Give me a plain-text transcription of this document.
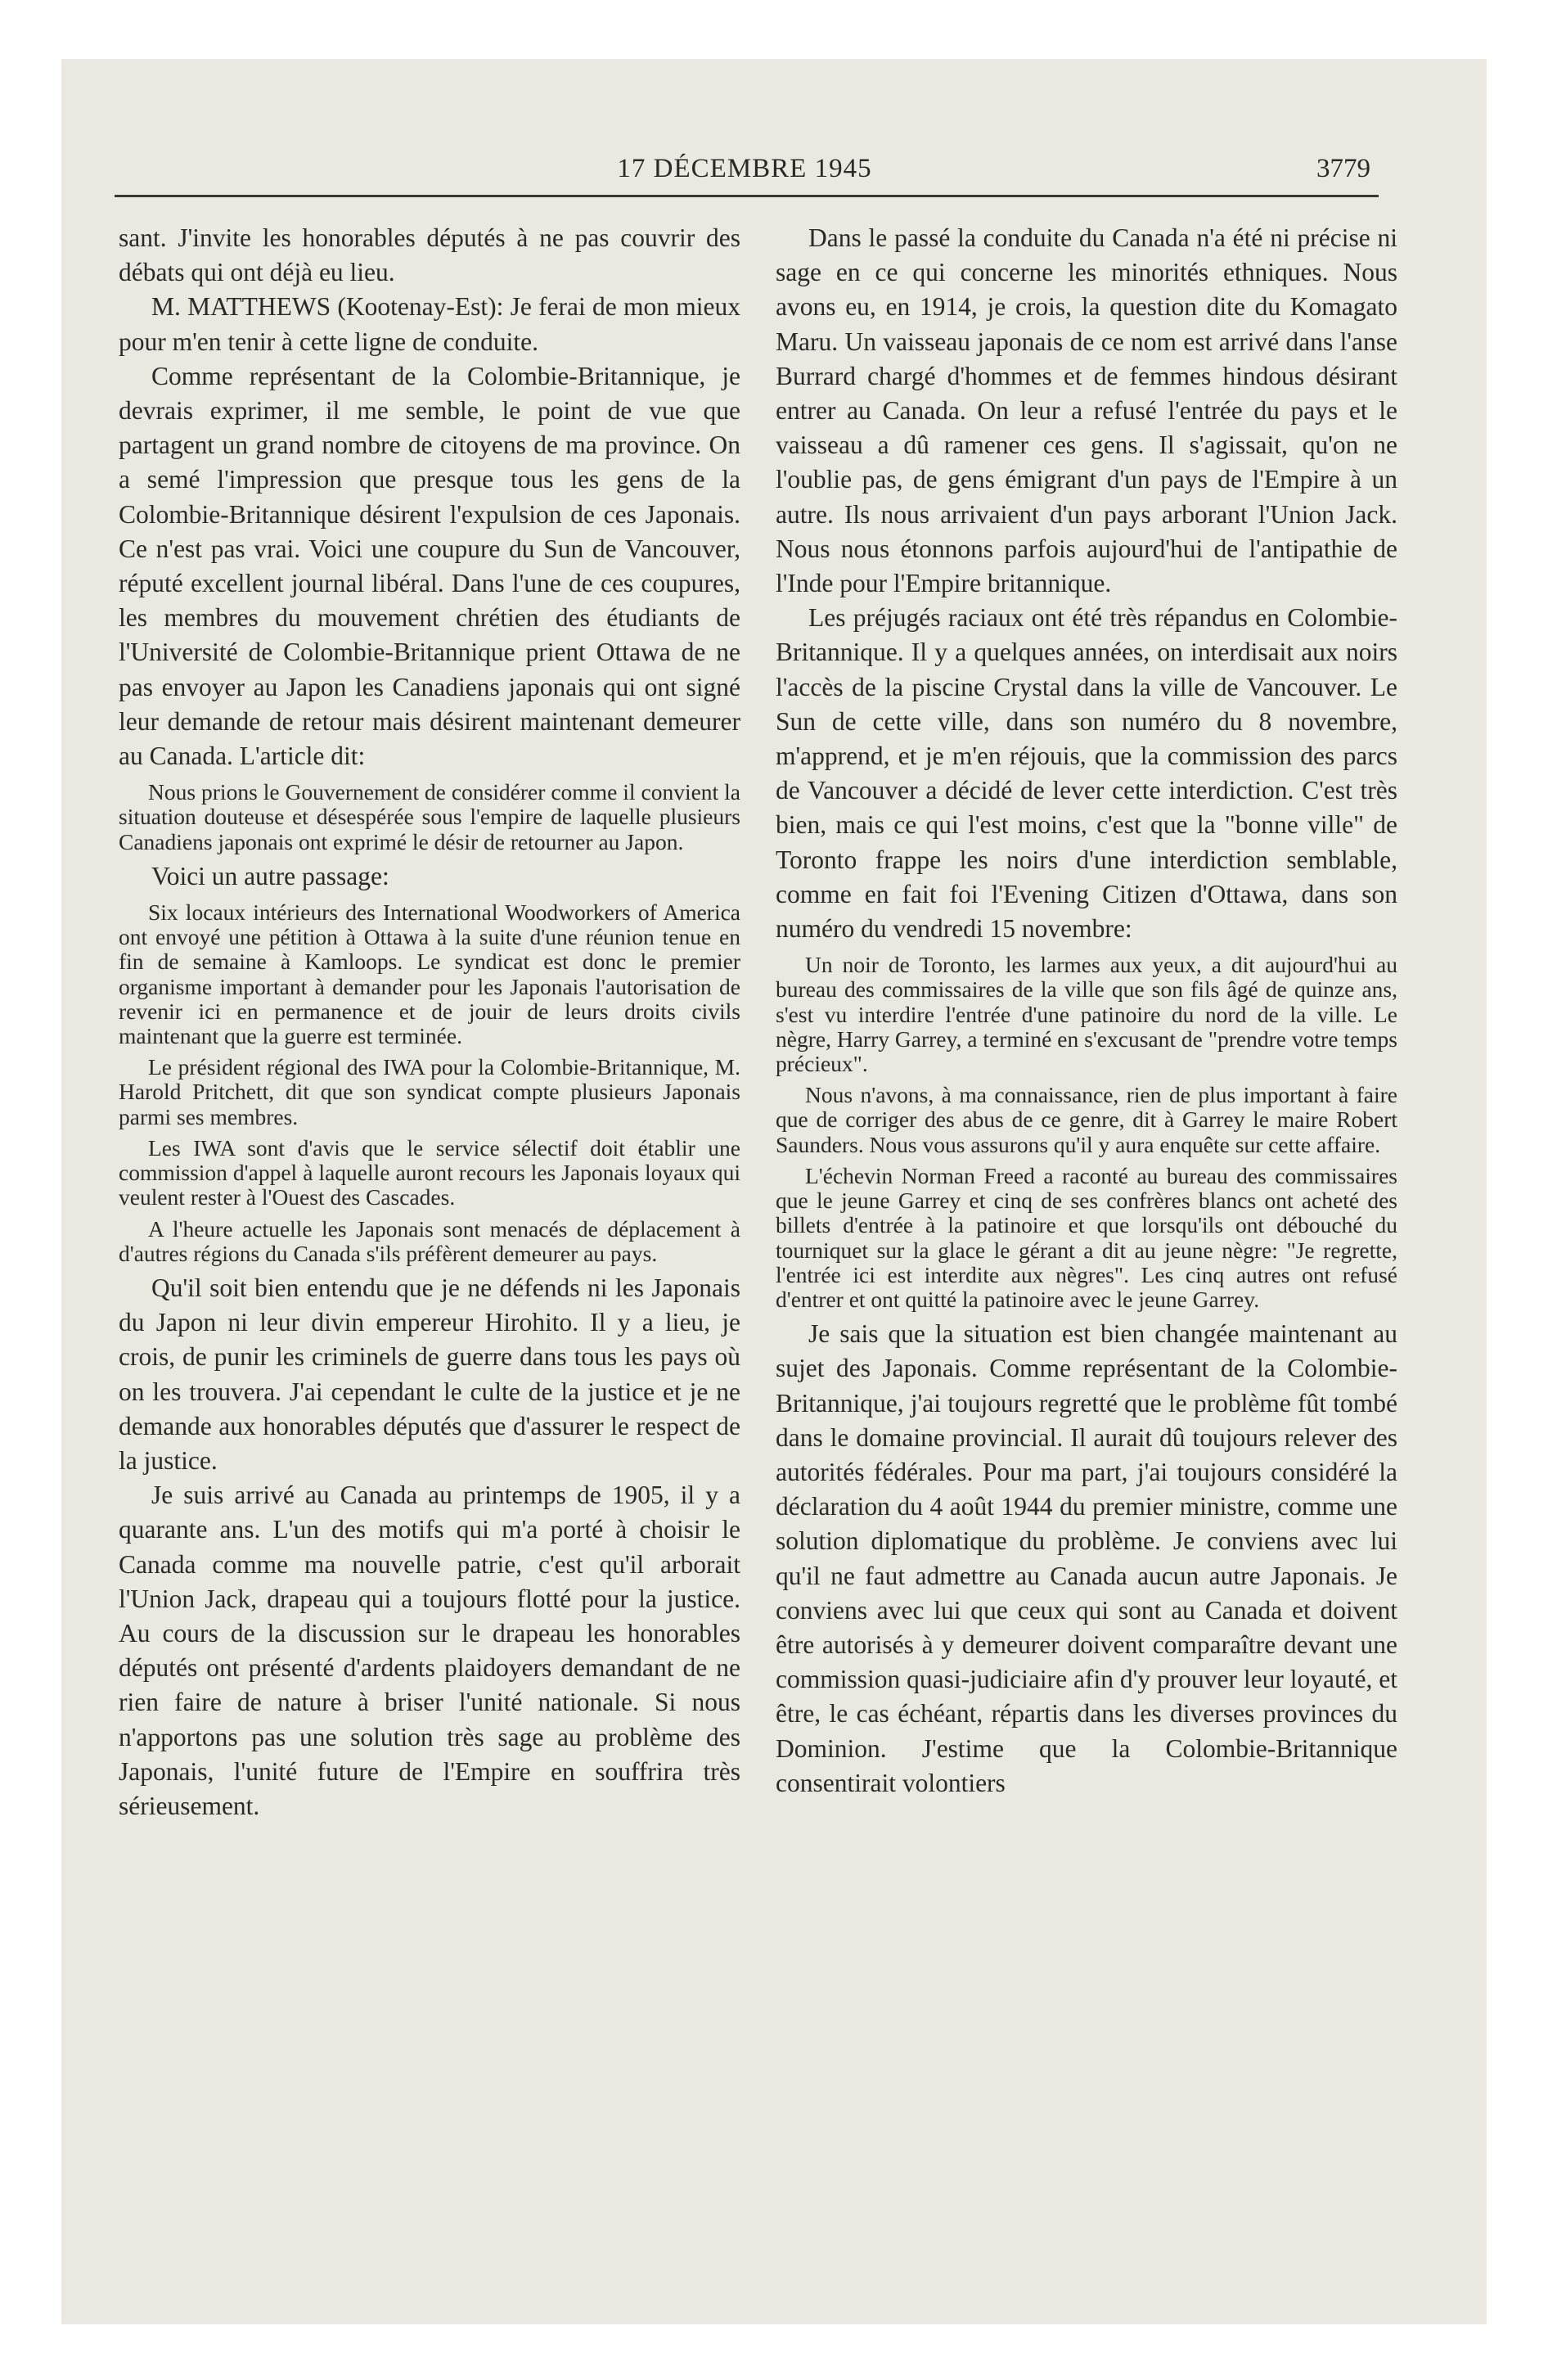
17 DÉCEMBRE 1945	3779

sant. J'invite les honorables députés à ne pas couvrir des débats qui ont déjà eu lieu.

M. MATTHEWS (Kootenay-Est): Je ferai de mon mieux pour m'en tenir à cette ligne de conduite.

Comme représentant de la Colombie-Britannique, je devrais exprimer, il me semble, le point de vue que partagent un grand nombre de citoyens de ma province. On a semé l'impression que presque tous les gens de la Colombie-Britannique désirent l'expulsion de ces Japonais. Ce n'est pas vrai. Voici une coupure du Sun de Vancouver, réputé excellent journal libéral. Dans l'une de ces coupures, les membres du mouvement chrétien des étudiants de l'Université de Colombie-Britannique prient Ottawa de ne pas envoyer au Japon les Canadiens japonais qui ont signé leur demande de retour mais désirent maintenant demeurer au Canada. L'article dit:

Nous prions le Gouvernement de considérer comme il convient la situation douteuse et désespérée sous l'empire de laquelle plusieurs Canadiens japonais ont exprimé le désir de retourner au Japon.

Voici un autre passage:

Six locaux intérieurs des International Woodworkers of America ont envoyé une pétition à Ottawa à la suite d'une réunion tenue en fin de semaine à Kamloops. Le syndicat est donc le premier organisme important à demander pour les Japonais l'autorisation de revenir ici en permanence et de jouir de leurs droits civils maintenant que la guerre est terminée.

Le président régional des IWA pour la Colombie-Britannique, M. Harold Pritchett, dit que son syndicat compte plusieurs Japonais parmi ses membres.

Les IWA sont d'avis que le service sélectif doit établir une commission d'appel à laquelle auront recours les Japonais loyaux qui veulent rester à l'Ouest des Cascades.

A l'heure actuelle les Japonais sont menacés de déplacement à d'autres régions du Canada s'ils préfèrent demeurer au pays.

Qu'il soit bien entendu que je ne défends ni les Japonais du Japon ni leur divin empereur Hirohito. Il y a lieu, je crois, de punir les criminels de guerre dans tous les pays où on les trouvera. J'ai cependant le culte de la justice et je ne demande aux honorables députés que d'assurer le respect de la justice.

Je suis arrivé au Canada au printemps de 1905, il y a quarante ans. L'un des motifs qui m'a porté à choisir le Canada comme ma nouvelle patrie, c'est qu'il arborait l'Union Jack, drapeau qui a toujours flotté pour la justice. Au cours de la discussion sur le drapeau les honorables députés ont présenté d'ardents plaidoyers demandant de ne rien faire de nature à briser l'unité nationale. Si nous n'apportons pas une solution très sage au problème des Japonais, l'unité future de l'Empire en souffrira très sérieusement.

Dans le passé la conduite du Canada n'a été ni précise ni sage en ce qui concerne les minorités ethniques. Nous avons eu, en 1914, je crois, la question dite du Komagato Maru. Un vaisseau japonais de ce nom est arrivé dans l'anse Burrard chargé d'hommes et de femmes hindous désirant entrer au Canada. On leur a refusé l'entrée du pays et le vaisseau a dû ramener ces gens. Il s'agissait, qu'on ne l'oublie pas, de gens émigrant d'un pays de l'Empire à un autre. Ils nous arrivaient d'un pays arborant l'Union Jack. Nous nous étonnons parfois aujourd'hui de l'antipathie de l'Inde pour l'Empire britannique.

Les préjugés raciaux ont été très répandus en Colombie-Britannique. Il y a quelques années, on interdisait aux noirs l'accès de la piscine Crystal dans la ville de Vancouver. Le Sun de cette ville, dans son numéro du 8 novembre, m'apprend, et je m'en réjouis, que la commission des parcs de Vancouver a décidé de lever cette interdiction. C'est très bien, mais ce qui l'est moins, c'est que la "bonne ville" de Toronto frappe les noirs d'une interdiction semblable, comme en fait foi l'Evening Citizen d'Ottawa, dans son numéro du vendredi 15 novembre:

Un noir de Toronto, les larmes aux yeux, a dit aujourd'hui au bureau des commissaires de la ville que son fils âgé de quinze ans, s'est vu interdire l'entrée d'une patinoire du nord de la ville. Le nègre, Harry Garrey, a terminé en s'excusant de "prendre votre temps précieux".

Nous n'avons, à ma connaissance, rien de plus important à faire que de corriger des abus de ce genre, dit à Garrey le maire Robert Saunders. Nous vous assurons qu'il y aura enquête sur cette affaire.

L'échevin Norman Freed a raconté au bureau des commissaires que le jeune Garrey et cinq de ses confrères blancs ont acheté des billets d'entrée à la patinoire et que lorsqu'ils ont débouché du tourniquet sur la glace le gérant a dit au jeune nègre: "Je regrette, l'entrée ici est interdite aux nègres". Les cinq autres ont refusé d'entrer et ont quitté la patinoire avec le jeune Garrey.

Je sais que la situation est bien changée maintenant au sujet des Japonais. Comme représentant de la Colombie-Britannique, j'ai toujours regretté que le problème fût tombé dans le domaine provincial. Il aurait dû toujours relever des autorités fédérales. Pour ma part, j'ai toujours considéré la déclaration du 4 août 1944 du premier ministre, comme une solution diplomatique du problème. Je conviens avec lui qu'il ne faut admettre au Canada aucun autre Japonais. Je conviens avec lui que ceux qui sont au Canada et doivent être autorisés à y demeurer doivent comparaître devant une commission quasi-judiciaire afin d'y prouver leur loyauté, et être, le cas échéant, répartis dans les diverses provinces du Dominion. J'estime que la Colombie-Britannique consentirait volontiers
